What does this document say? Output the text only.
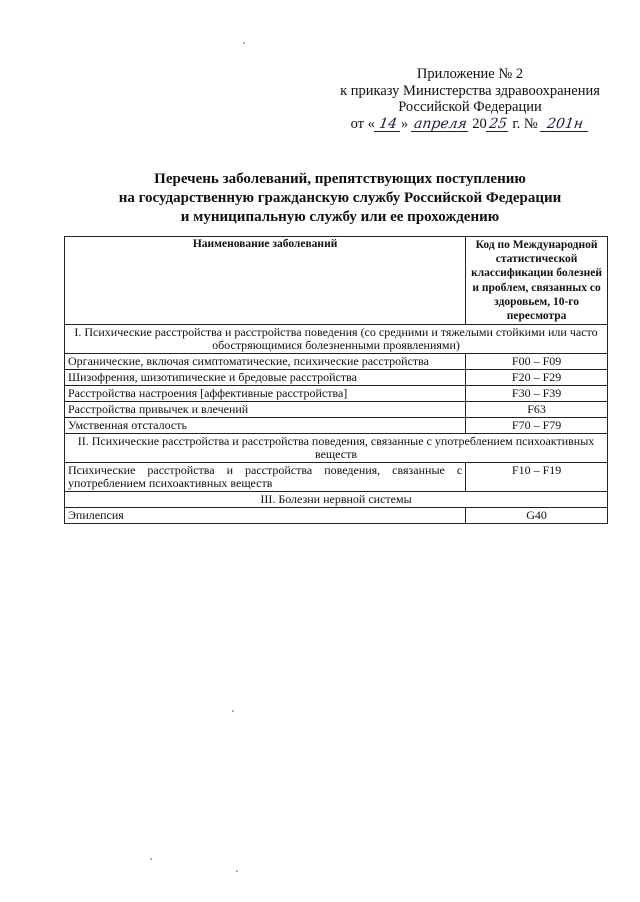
Приложение № 2
к приказу Министерства здравоохранения
Российской Федерации
от « 14 »
апреля
20 25
г. №
201н
Перечень заболеваний, препятствующих поступлению
на государственную гражданскую службу Российской Федерации
и муниципальную службу или ее прохождению
Наименование заболеваний	Код по Международной статистической классификации болезней и проблем, связанных со здоровьем, 10-го пересмотра
I. Психические расстройства и расстройства поведения (со средними и тяжелыми стойкими или часто обостряющимися болезненными проявлениями)	
Органические, включая симптоматические, психические расстройства	F00 – F09
Шизофрения, шизотипические и бредовые расстройства	F20 – F29
Расстройства настроения [аффективные расстройства]	F30 – F39
Расстройства привычек и влечений	F63
Умственная отсталость	F70 – F79
II. Психические расстройства и расстройства поведения, связанные с употреблением психоактивных веществ	
Психические расстройства и расстройства поведения, связанные с употреблением психоактивных веществ	F10 – F19
III. Болезни нервной системы	
Эпилепсия	G40
